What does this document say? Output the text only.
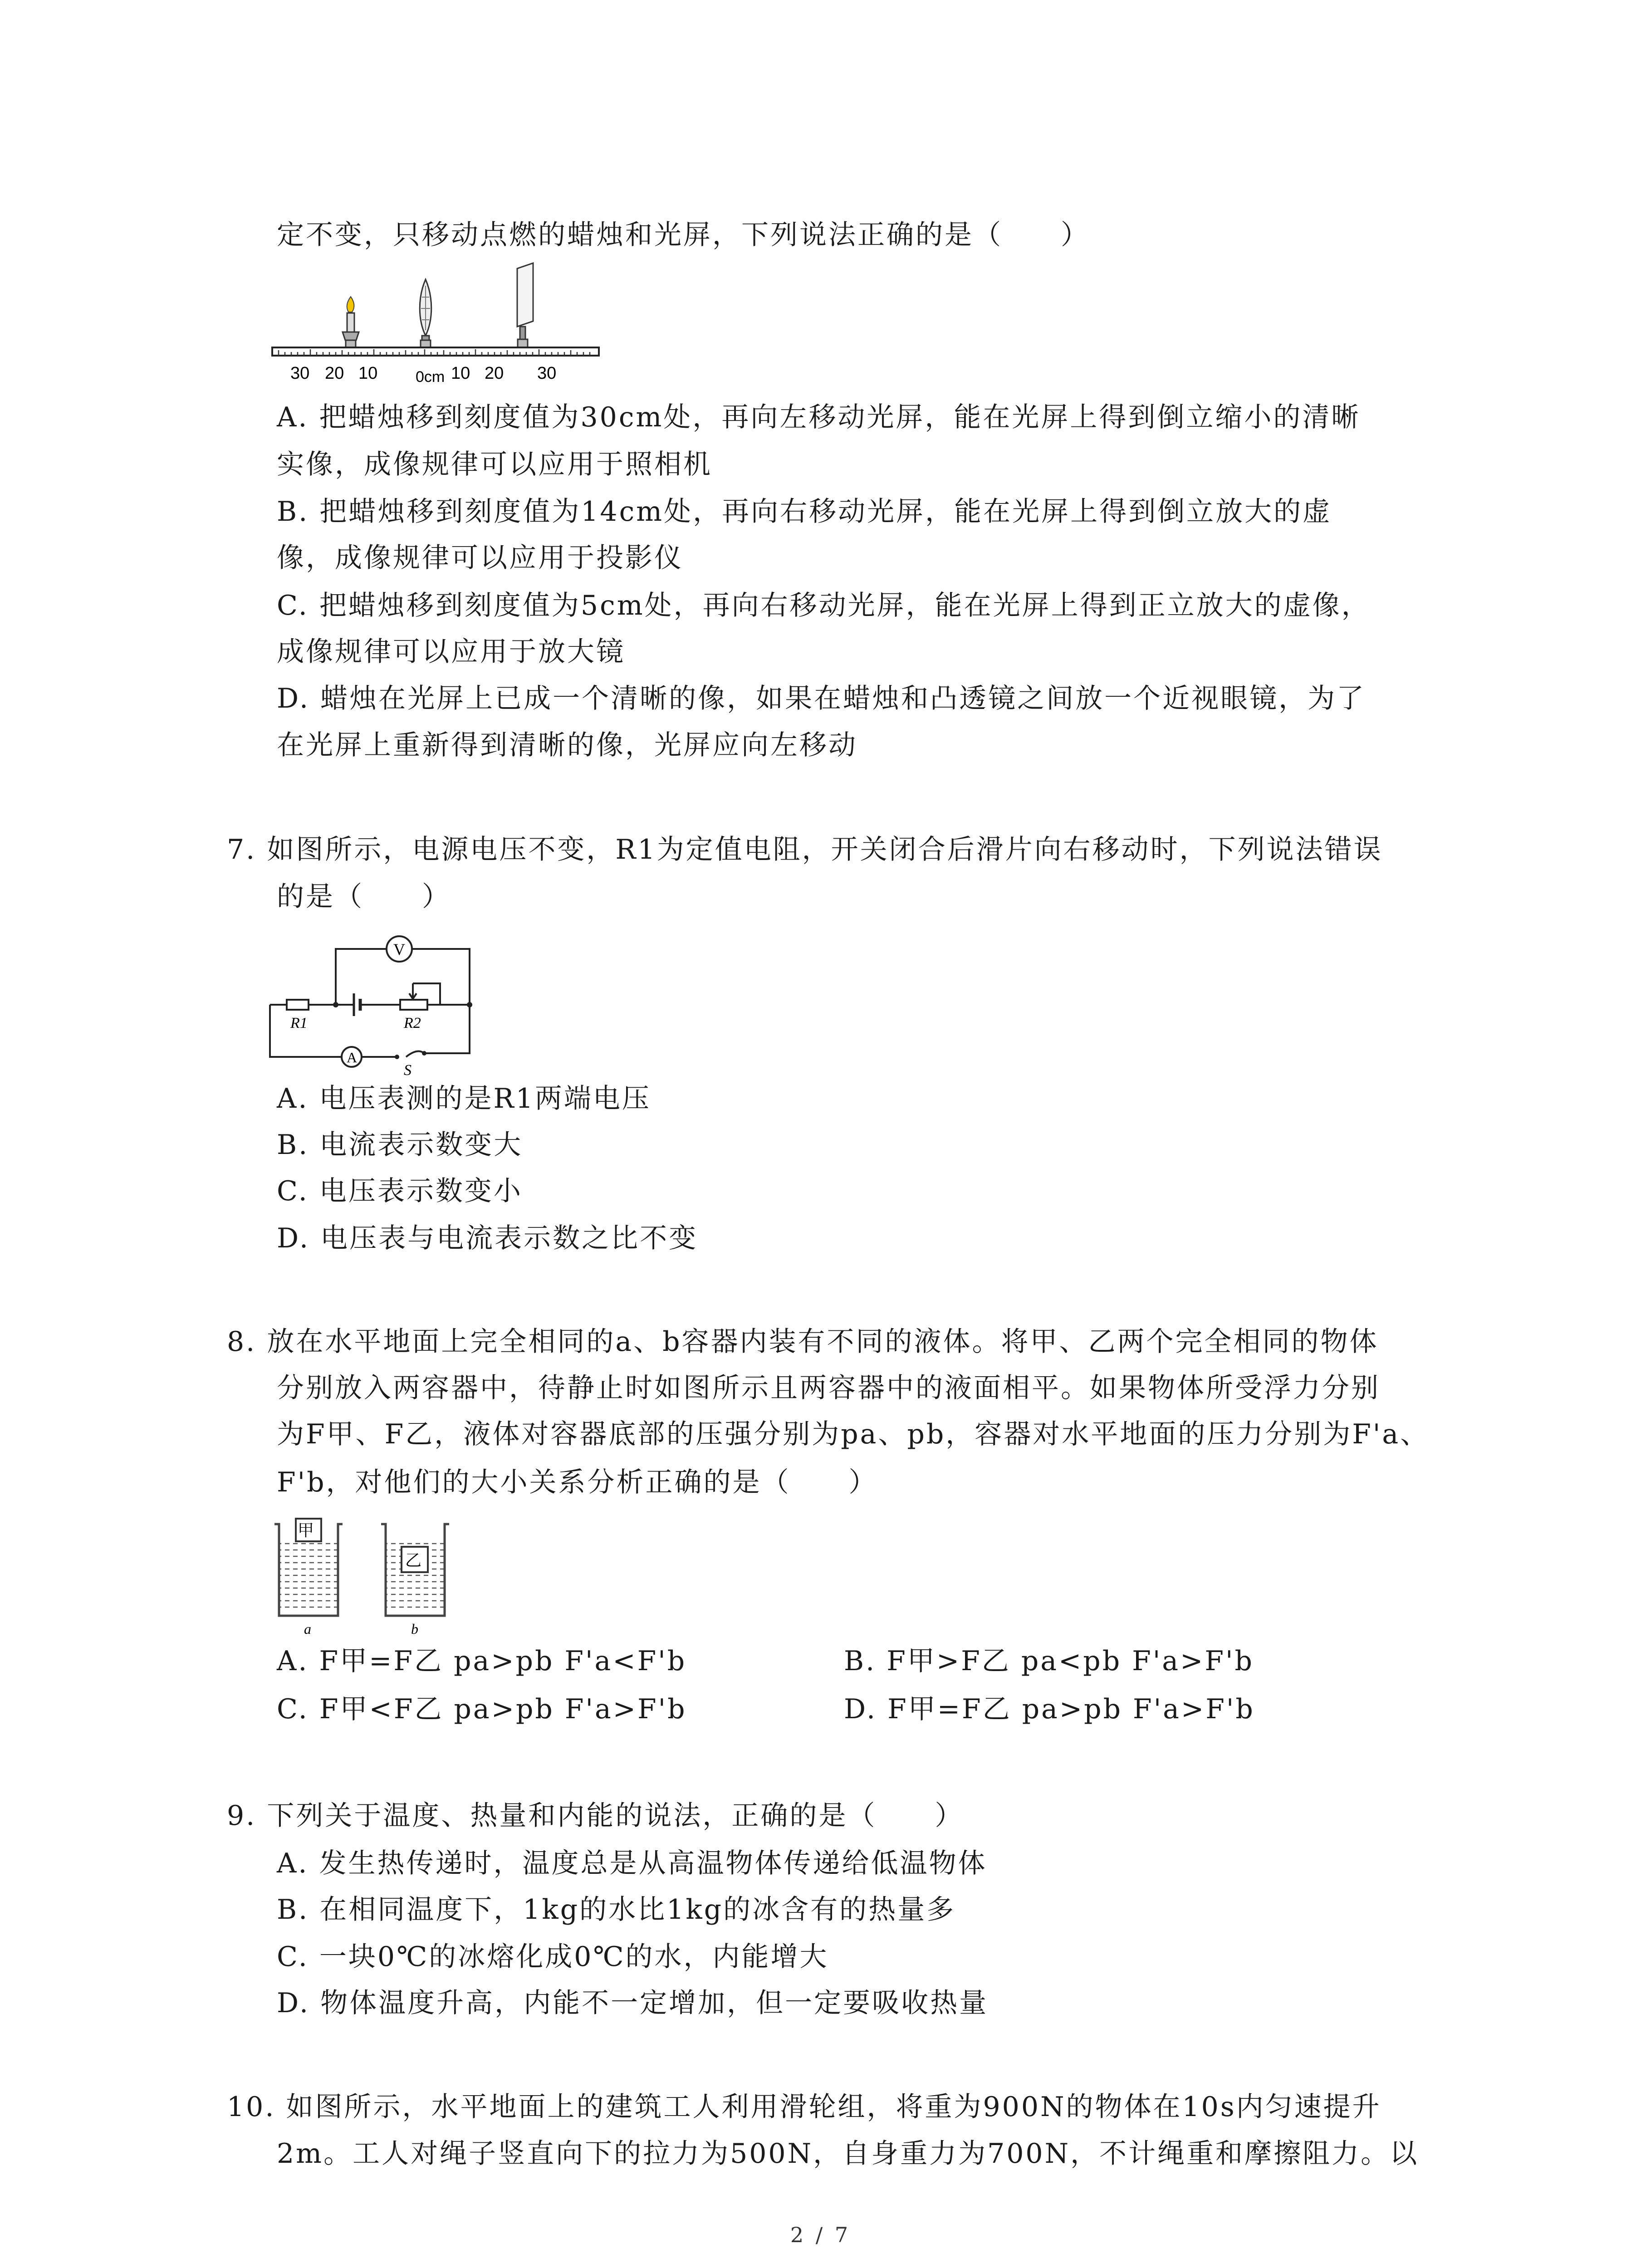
定不变，只移动点燃的蜡烛和光屏，下列说法正确的是（　　）
30 20 10 0cm 10 20 30
A. 把蜡烛移到刻度值为30cm处，再向左移动光屏，能在光屏上得到倒立缩小的清晰
实像，成像规律可以应用于照相机
B. 把蜡烛移到刻度值为14cm处，再向右移动光屏，能在光屏上得到倒立放大的虚
像，成像规律可以应用于投影仪
C. 把蜡烛移到刻度值为5cm处，再向右移动光屏，能在光屏上得到正立放大的虚像，
成像规律可以应用于放大镜
D. 蜡烛在光屏上已成一个清晰的像，如果在蜡烛和凸透镜之间放一个近视眼镜，为了
在光屏上重新得到清晰的像，光屏应向左移动
7. 如图所示，电源电压不变，R1为定值电阻，开关闭合后滑片向右移动时，下列说法错误
的是（　　）
V
A
R1	R2
S
A. 电压表测的是R1两端电压
B. 电流表示数变大
C. 电压表示数变小
D. 电压表与电流表示数之比不变
8. 放在水平地面上完全相同的a、b容器内装有不同的液体。将甲、乙两个完全相同的物体
分别放入两容器中，待静止时如图所示且两容器中的液面相平。如果物体所受浮力分别
为F甲、F乙，液体对容器底部的压强分别为pa、pb，容器对水平地面的压力分别为F'a、
F'b，对他们的大小关系分析正确的是（　　）
甲
a
乙
b
A. F甲=F乙 pa>pb F'a<F'b	B. F甲>F乙 pa<pb F'a>F'b
C. F甲<F乙 pa>pb F'a>F'b	D. F甲=F乙 pa>pb F'a>F'b
9. 下列关于温度、热量和内能的说法，正确的是（　　）
A. 发生热传递时，温度总是从高温物体传递给低温物体
B. 在相同温度下，1kg的水比1kg的冰含有的热量多
C. 一块0℃的冰熔化成0℃的水，内能增大
D. 物体温度升高，内能不一定增加，但一定要吸收热量
10. 如图所示，水平地面上的建筑工人利用滑轮组，将重为900N的物体在10s内匀速提升
2m。工人对绳子竖直向下的拉力为500N，自身重力为700N，不计绳重和摩擦阻力。以
2 / 7
